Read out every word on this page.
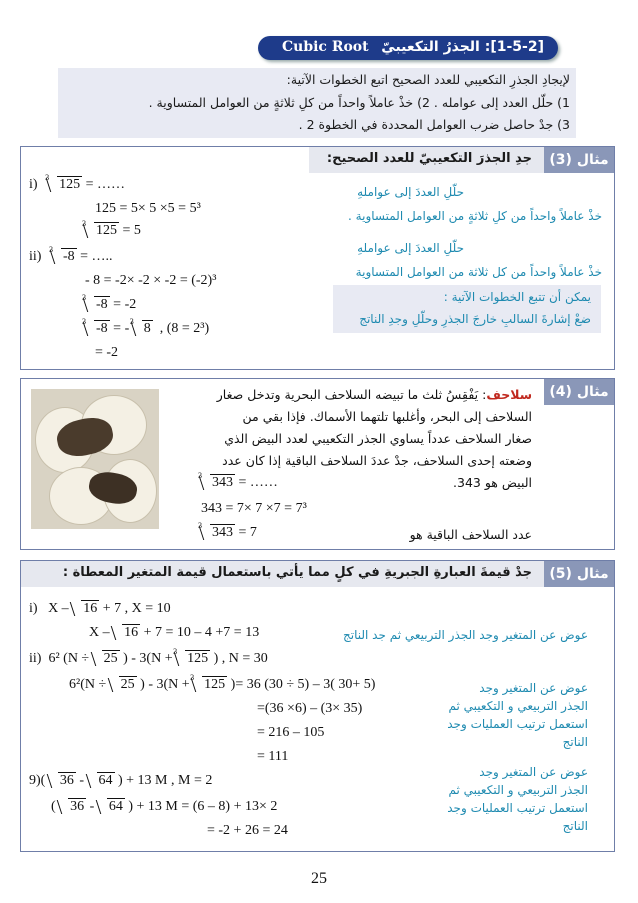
Cubic Root [1-5-2]: الجذرُ التكعيبيّ
لإيجادِ الجذرِ التكعيبي للعدد الصحيح اتبع الخطوات الآتية:
1) حلّل العدد إلى عوامله . 2) خذْ عاملاً واحداً من كلِ ثلاثةٍ من العوامل المتساوية .
3) جدْ حاصل ضرب العوامل المحددة في الخطوة 2 .
مثال (3)
جدِ الجذرَ التكعيبيّ للعدد الصحيح:
i) 3 125 = ……
125 = 5× 5 ×5 = 5³
3 125 = 5
ii) 3 -8 = …..
- 8 = -2× -2 × -2 = (-2)³
3 -8 = -2
3 -8 = - 3 8 , (8 = 2³)
= -2
حلّلِ العددَ إلى عواملهِ
خذْ عاملاً واحداً من كلِ ثلاثةٍ من العوامل المتساوية .
حلّلِ العددَ إلى عواملهِ
خذْ عاملاً واحداً من كل ثلاثة من العوامل المتساوية
يمكن أن تتبع الخطوات الآتية :
ضعْ إشارةَ السالبِ خارجَ الجذرِ وحلّلِ وجدِ الناتج
مثال (4)
سلاحف: يَفْقِسُ ثلث ما تبيضه السلاحف البحرية وتدخل صغار
السلاحف إلى البحر، وأغلبها تلتهما الأسماك. فإذا بقي من
صغار السلاحف عدداً يساوي الجذر التكعيبي لعدد البيض الذي
وضعته إحدى السلاحف، جدْ عددَ السلاحف الباقية إذا كان عدد
البيض هو 343.
3 343 = ……
343 = 7× 7 ×7 = 7³
3 343 = 7	عدد السلاحف الباقية هو
مثال (5)
جدْ قيمةَ العبارةِ الجبريةِ في كلٍ مما يأتي باستعمال قيمة المتغير المعطاة :
i) X – 16 + 7 , X = 10
X – 16 + 7 = 10 – 4 +7 = 13	عوض عن المتغير وجد الجذر التربيعي ثم جد الناتج
ii) 6² (N ÷ 25 ) - 3(N + 3 125 ) , N = 30
6²(N ÷ 25 ) - 3(N + 3 125 )= 36 (30 ÷ 5) – 3( 30+ 5)
=(36 ×6) – (3× 35)
= 216 – 105
= 111
عوض عن المتغير وجد
الجذر التربيعي و التكعيبي ثم
استعمل ترتيب العمليات وجد
الناتج
9)( 36 - 64 ) + 13 M , M = 2
( 36 - 64 ) + 13 M = (6 – 8) + 13× 2
= -2 + 26 = 24
عوض عن المتغير وجد
الجذر التربيعي و التكعيبي ثم
استعمل ترتيب العمليات وجد
الناتج
25
